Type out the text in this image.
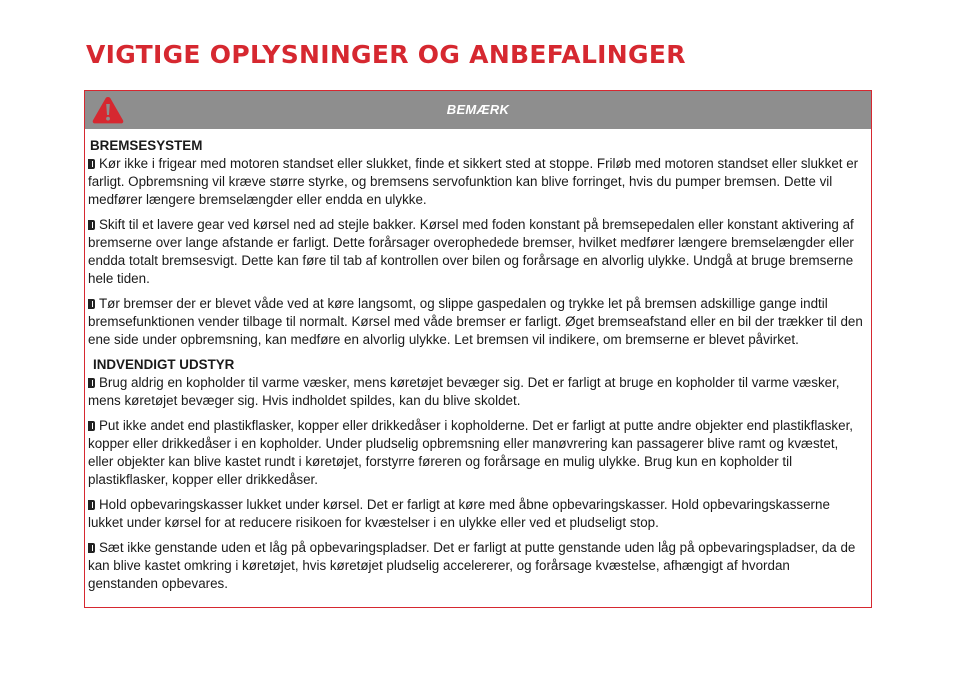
VIGTIGE OPLYSNINGER OG ANBEFALINGER
BEMÆRK
BREMSESYSTEM

Kør ikke i frigear med motoren standset eller slukket, finde et sikkert sted at stoppe. Friløb med motoren standset eller slukket er farligt. Opbremsning vil kræve større styrke, og bremsens servofunktion kan blive forringet, hvis du pumper bremsen. Dette vil medfører længere bremselængder eller endda en ulykke.

Skift til et lavere gear ved kørsel ned ad stejle bakker. Kørsel med foden konstant på bremsepedalen eller konstant aktivering af bremserne over lange afstande er farligt. Dette forårsager overophedede bremser, hvilket medfører længere bremselængder eller endda totalt bremsesvigt. Dette kan føre til tab af kontrollen over bilen og forårsage en alvorlig ulykke. Undgå at bruge bremserne hele tiden.

Tør bremser der er blevet våde ved at køre langsomt, og slippe gaspedalen og trykke let på bremsen adskillige gange indtil bremsefunktionen vender tilbage til normalt. Kørsel med våde bremser er farligt. Øget bremseafstand eller en bil der trækker til den ene side under opbremsning, kan medføre en alvorlig ulykke. Let bremsen vil indikere, om bremserne er blevet påvirket.

INDVENDIGT UDSTYR

Brug aldrig en kopholder til varme væsker, mens køretøjet bevæger sig. Det er farligt at bruge en kopholder til varme væsker, mens køretøjet bevæger sig. Hvis indholdet spildes, kan du blive skoldet.

Put ikke andet end plastikflasker, kopper eller drikkedåser i kopholderne. Det er farligt at putte andre objekter end plastikflasker, kopper eller drikkedåser i en kopholder. Under pludselig opbremsning eller manøvrering kan passagerer blive ramt og kvæstet, eller objekter kan blive kastet rundt i køretøjet, forstyrre føreren og forårsage en mulig ulykke. Brug kun en kopholder til plastikflasker, kopper eller drikkedåser.

Hold opbevaringskasser lukket under kørsel. Det er farligt at køre med åbne opbevaringskasser. Hold opbevaringskasserne lukket under kørsel for at reducere risikoen for kvæstelser i en ulykke eller ved et pludseligt stop.

Sæt ikke genstande uden et låg på opbevaringspladser. Det er farligt at putte genstande uden låg på opbevaringspladser, da de kan blive kastet omkring i køretøjet, hvis køretøjet pludselig accelererer, og forårsage kvæstelse, afhængigt af hvordan genstanden opbevares.
